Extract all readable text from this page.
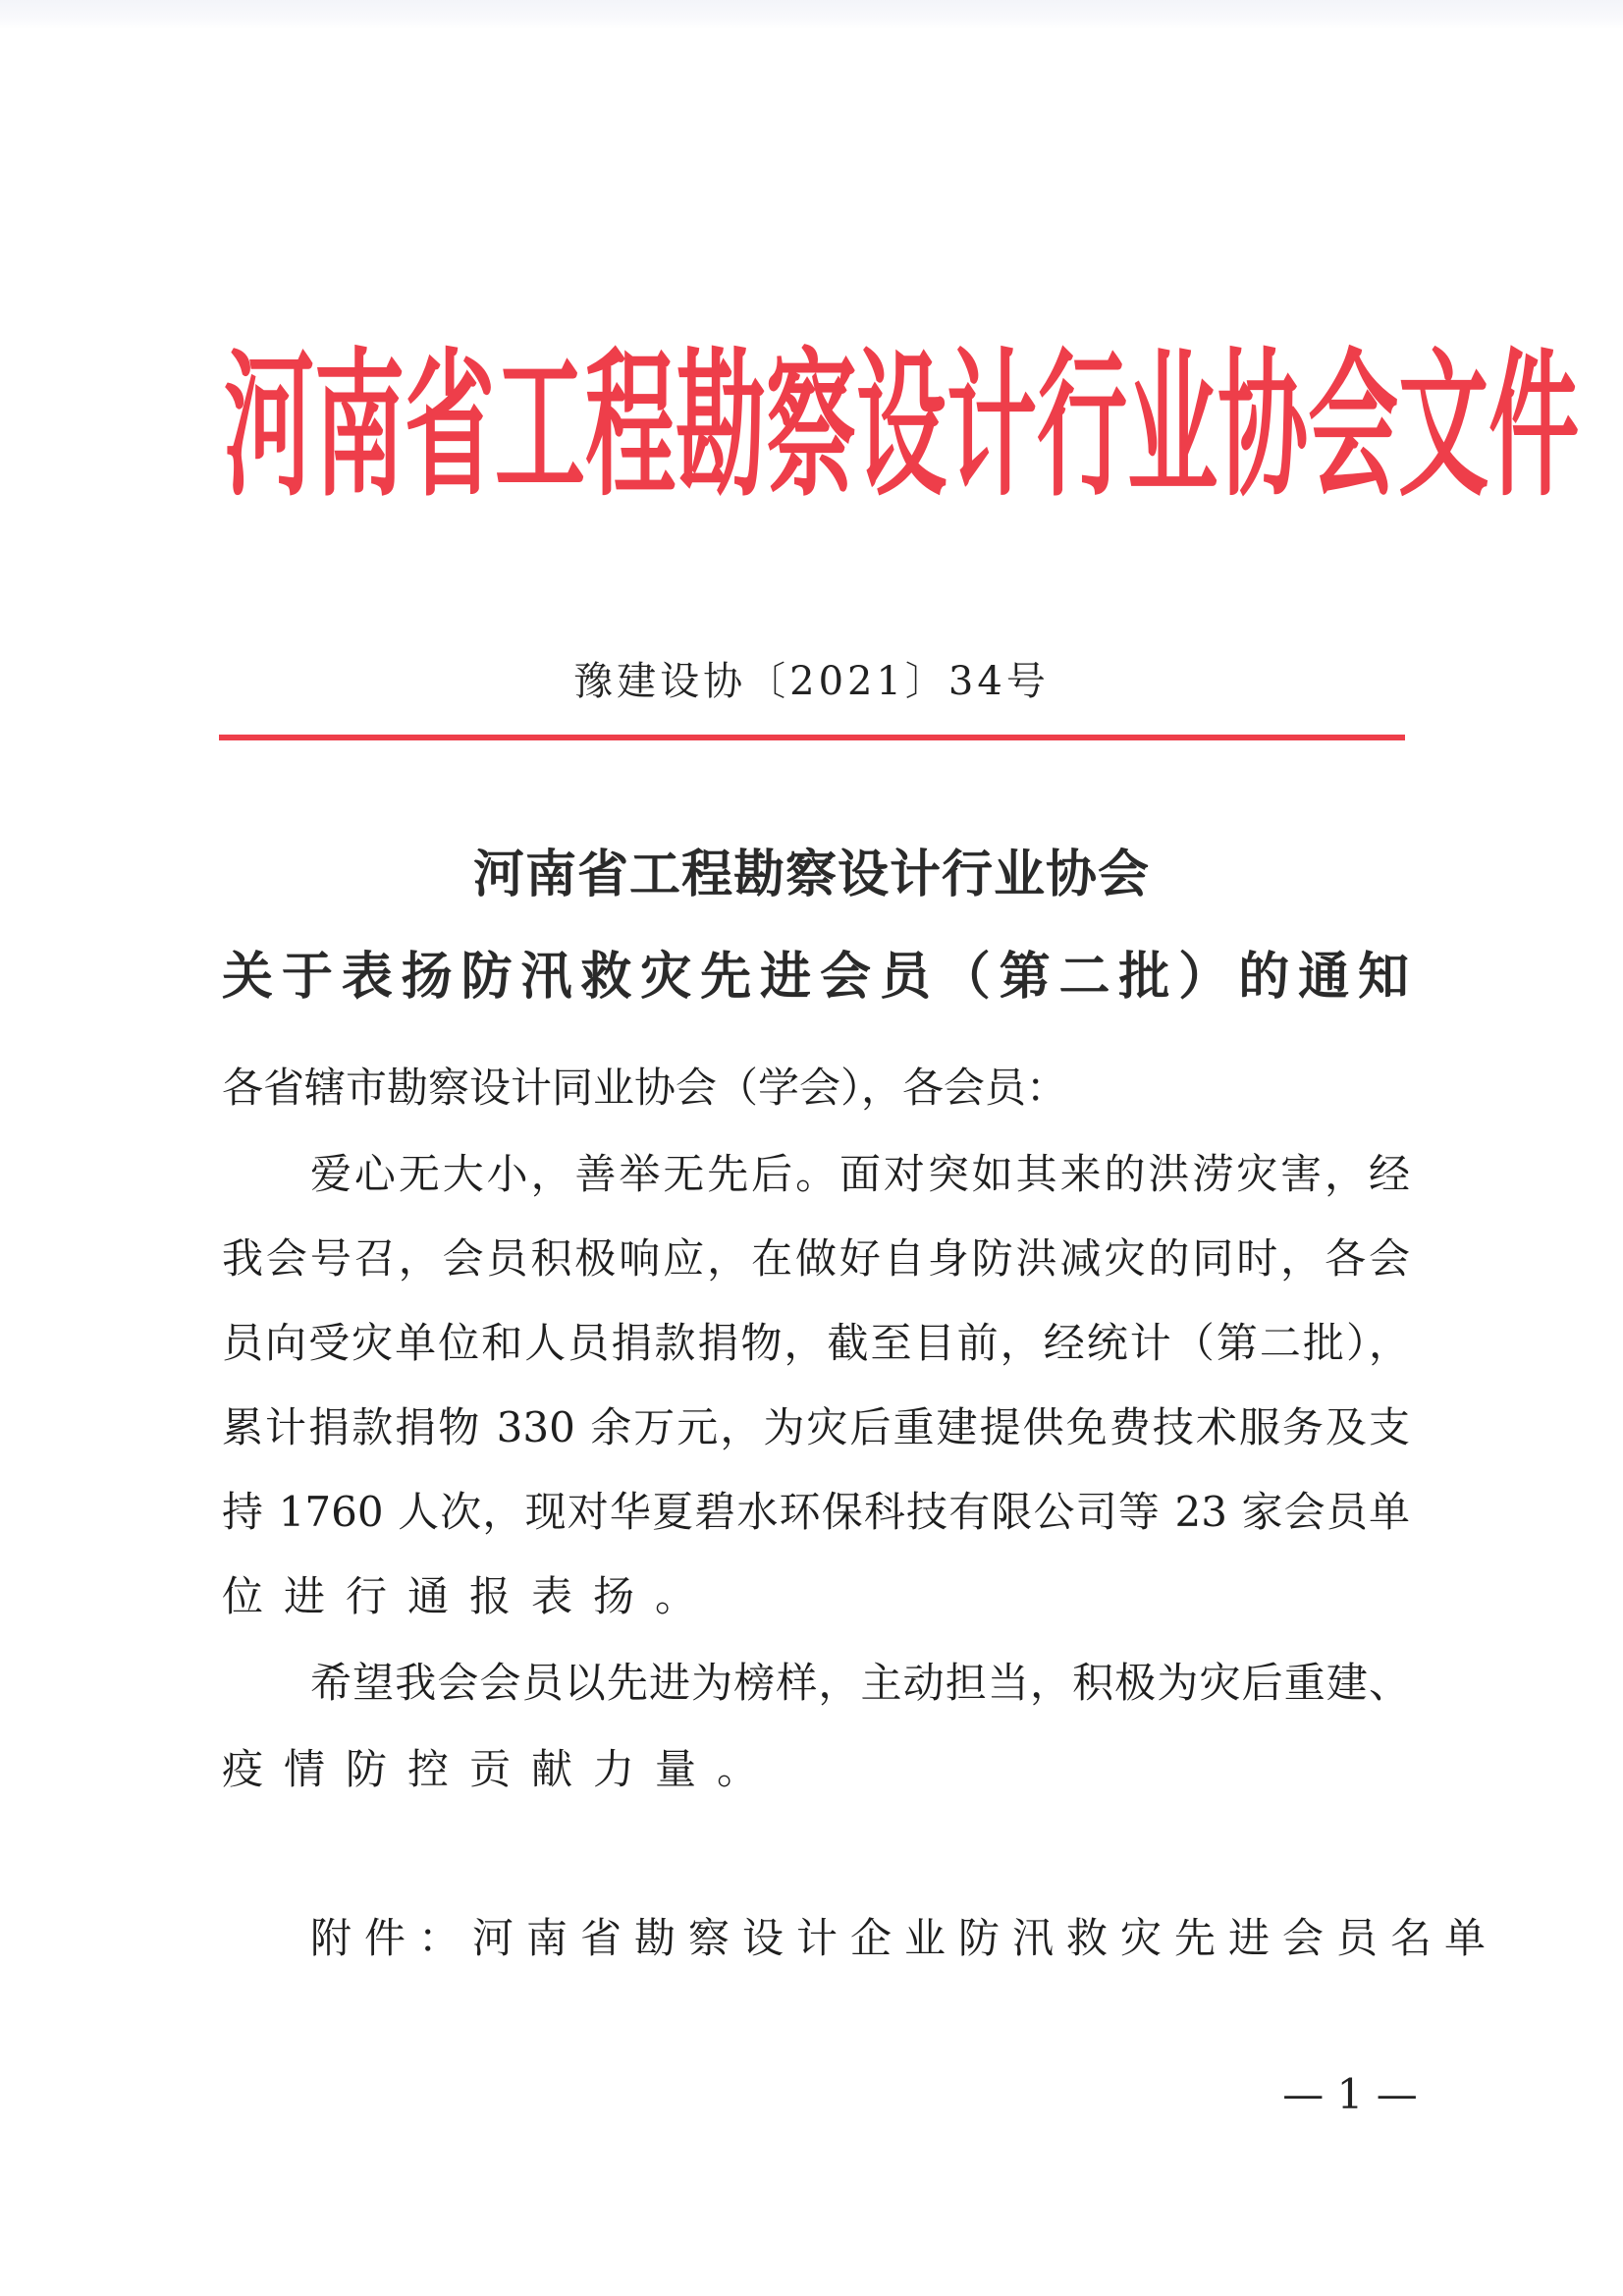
河 南 省 工 程 勘 察 设 计 行 业 协 会 文 件
豫建设协〔2021〕34号
河南省工程勘察设计行业协会
关于表扬防汛救灾先进会员（第二批）的通知
各省辖市勘察设计同业协会（学会），各会员：
爱心无大小，善举无先后。面对突如其来的洪涝灾害，经
我会号召，会员积极响应，在做好自身防洪减灾的同时，各会
员向受灾单位和人员捐款捐物，截至目前，经统计（第二批），
累计捐款捐物 330 余万元，为灾后重建提供免费技术服务及支
持 1760 人次，现对华夏碧水环保科技有限公司等 23 家会员单
位进行通报表扬。
希望我会会员以先进为榜样，主动担当，积极为灾后重建、
疫情防控贡献力量。
附件：河南省勘察设计企业防汛救灾先进会员名单
— 1 —
